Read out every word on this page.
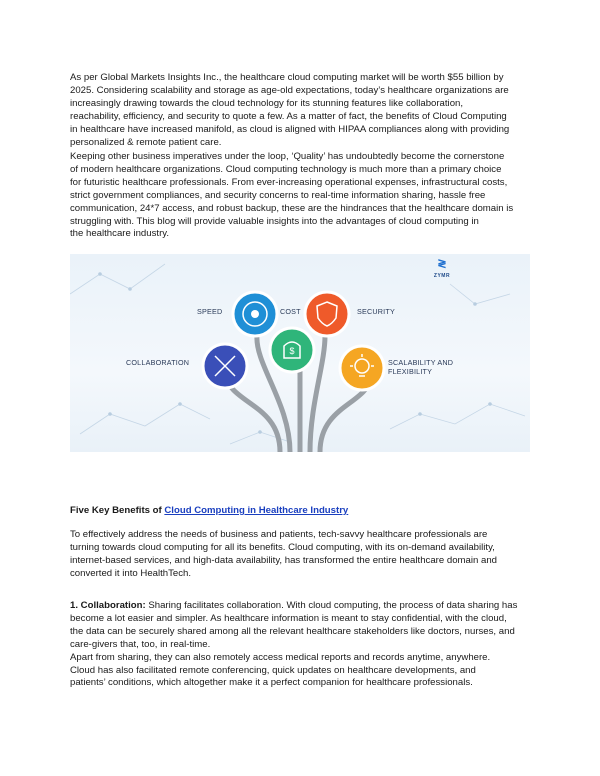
As per Global Markets Insights Inc., the healthcare cloud computing market will be worth $55 billion by
2025. Considering scalability and storage as age-old expectations, today’s healthcare organizations are
increasingly drawing towards the cloud technology for its stunning features like collaboration,
reachability, efficiency, and security to quote a few. As a matter of fact, the benefits of Cloud Computing
in healthcare have increased manifold, as cloud is aligned with HIPAA compliances along with providing
personalized & remote patient care.

Keeping other business imperatives under the loop, ‘Quality’ has undoubtedly become the cornerstone
of modern healthcare organizations. Cloud computing technology is much more than a primary choice
for futuristic healthcare professionals. From ever-increasing operational expenses, infrastructural costs,
strict government compliances, and security concerns to real-time information sharing, hassle free
communication, 24*7 access, and robust backup, these are the hindrances that the healthcare domain is
struggling with. This blog will provide valuable insights into the advantages of cloud computing in
the healthcare industry.

$
SPEED	COST	SECURITY
COLLABORATION	SCALABILITY AND
FLEXIBILITY
≷
ZYMR

Five Key Benefits of Cloud Computing in Healthcare Industry

To effectively address the needs of business and patients, tech-savvy healthcare professionals are
turning towards cloud computing for all its benefits. Cloud computing, with its on-demand availability,
internet-based services, and high-data availability, has transformed the entire healthcare domain and
converted it into HealthTech.

1. Collaboration: Sharing facilitates collaboration. With cloud computing, the process of data sharing has
become a lot easier and simpler. As healthcare information is meant to stay confidential, with the cloud,
the data can be securely shared among all the relevant healthcare stakeholders like doctors, nurses, and
care-givers that, too, in real-time.
Apart from sharing, they can also remotely access medical reports and records anytime, anywhere.
Cloud has also facilitated remote conferencing, quick updates on healthcare developments, and
patients’ conditions, which altogether make it a perfect companion for healthcare professionals.
